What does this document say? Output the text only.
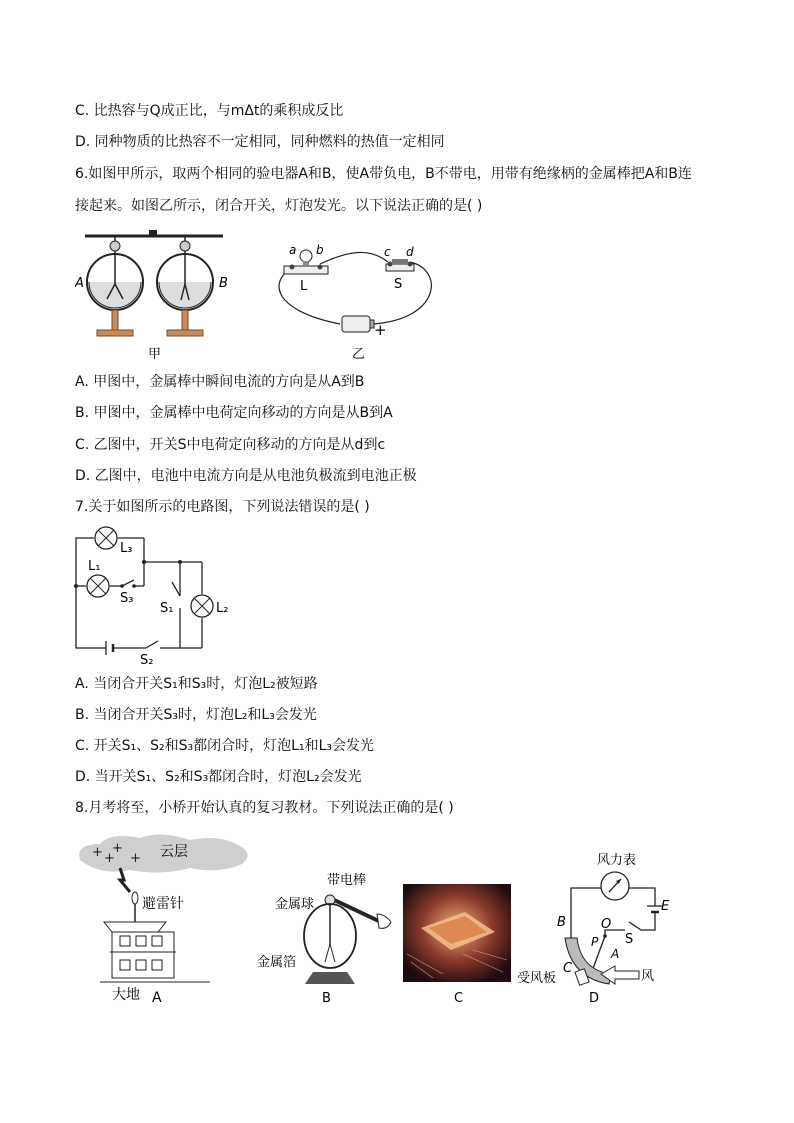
C. 比热容与Q成正比，与mΔt的乘积成反比
D. 同种物质的比热容不一定相同，同种燃料的热值一定相同
6.如图甲所示，取两个相同的验电器A和B，使A带负电，B不带电，用带有绝缘柄的金属棒把A和B连
接起来。如图乙所示，闭合开关，灯泡发光。以下说法正确的是( )
A	B
甲
a b	c d
L	S
+
乙
A. 甲图中，金属棒中瞬间电流的方向是从A到B
B. 甲图中，金属棒中电荷定向移动的方向是从B到A
C. 乙图中，开关S中电荷定向移动的方向是从d到c
D. 乙图中，电池中电流方向是从电池负极流到电池正极
7.关于如图所示的电路图，下列说法错误的是( )
L₃
L₁
S₃
S₁	L₂
S₂
A. 当闭合开关S₁和S₃时，灯泡L₂被短路
B. 当闭合开关S₃时，灯泡L₂和L₃会发光
C. 开关S₁、S₂和S₃都闭合时，灯泡L₁和L₃会发光
D. 当开关S₁、S₂和S₃都闭合时，灯泡L₂会发光
8.月考将至，小桥开始认真的复习教材。下列说法正确的是( )
+ +
+
+ 云层
避雷针
大地 A
带电棒
金属球
金属箔
B	C
风力表
E
B	O
P S
A
C
受风板	风
D
